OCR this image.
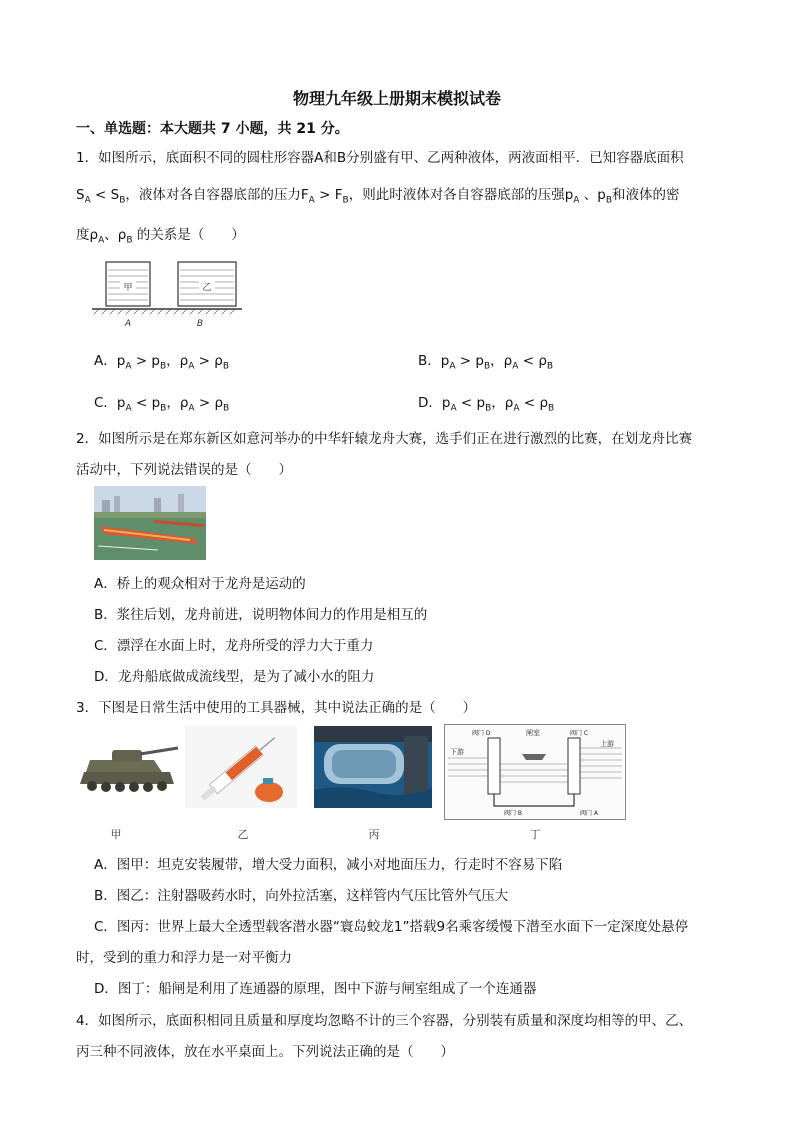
物理九年级上册期末模拟试卷
一、单选题：本大题共 7 小题，共 21 分。
1．如图所示，底面积不同的圆柱形容器A和B分别盛有甲、乙两种液体，两液面相平．已知容器底面积
$S_A < S_B$，液体对各自容器底部的压力$F_A > F_B$，则此时液体对各自容器底部的压强$p_A$ 、$p_B$和液体的密
度$\rho_A$、$\rho_B$ 的关系是（　　）
甲	乙
A	B
A．$p_A > p_B$，$\rho_A > \rho_B$	B．$p_A > p_B$，$\rho_A < \rho_B$
C．$p_A < p_B$，$\rho_A > \rho_B$	D．$p_A < p_B$，$\rho_A < \rho_B$
2．如图所示是在郑东新区如意河举办的中华轩辕龙舟大赛，选手们正在进行激烈的比赛，在划龙舟比赛
活动中，下列说法错误的是（　　）
A．桥上的观众相对于龙舟是运动的
B．浆往后划，龙舟前进，说明物体间力的作用是相互的
C．漂浮在水面上时，龙舟所受的浮力大于重力
D．龙舟船底做成流线型，是为了减小水的阻力
3．下图是日常生活中使用的工具器械，其中说法正确的是（　　）
阀门 D	闸室	阀门 C
上游
下游
阀门 B	阀门 A
甲	乙	丙	丁
A．图甲：坦克安装履带，增大受力面积，减小对地面压力，行走时不容易下陷
B．图乙：注射器吸药水时，向外拉活塞，这样管内气压比管外气压大
C．图丙：世界上最大全透型载客潜水器“寰岛蛟龙1”搭载9名乘客缓慢下潜至水面下一定深度处悬停
时，受到的重力和浮力是一对平衡力
D．图丁：船闸是利用了连通器的原理，图中下游与闸室组成了一个连通器
4．如图所示，底面积相同且质量和厚度均忽略不计的三个容器，分别装有质量和深度均相等的甲、乙、
丙三种不同液体，放在水平桌面上。下列说法正确的是（　　）
